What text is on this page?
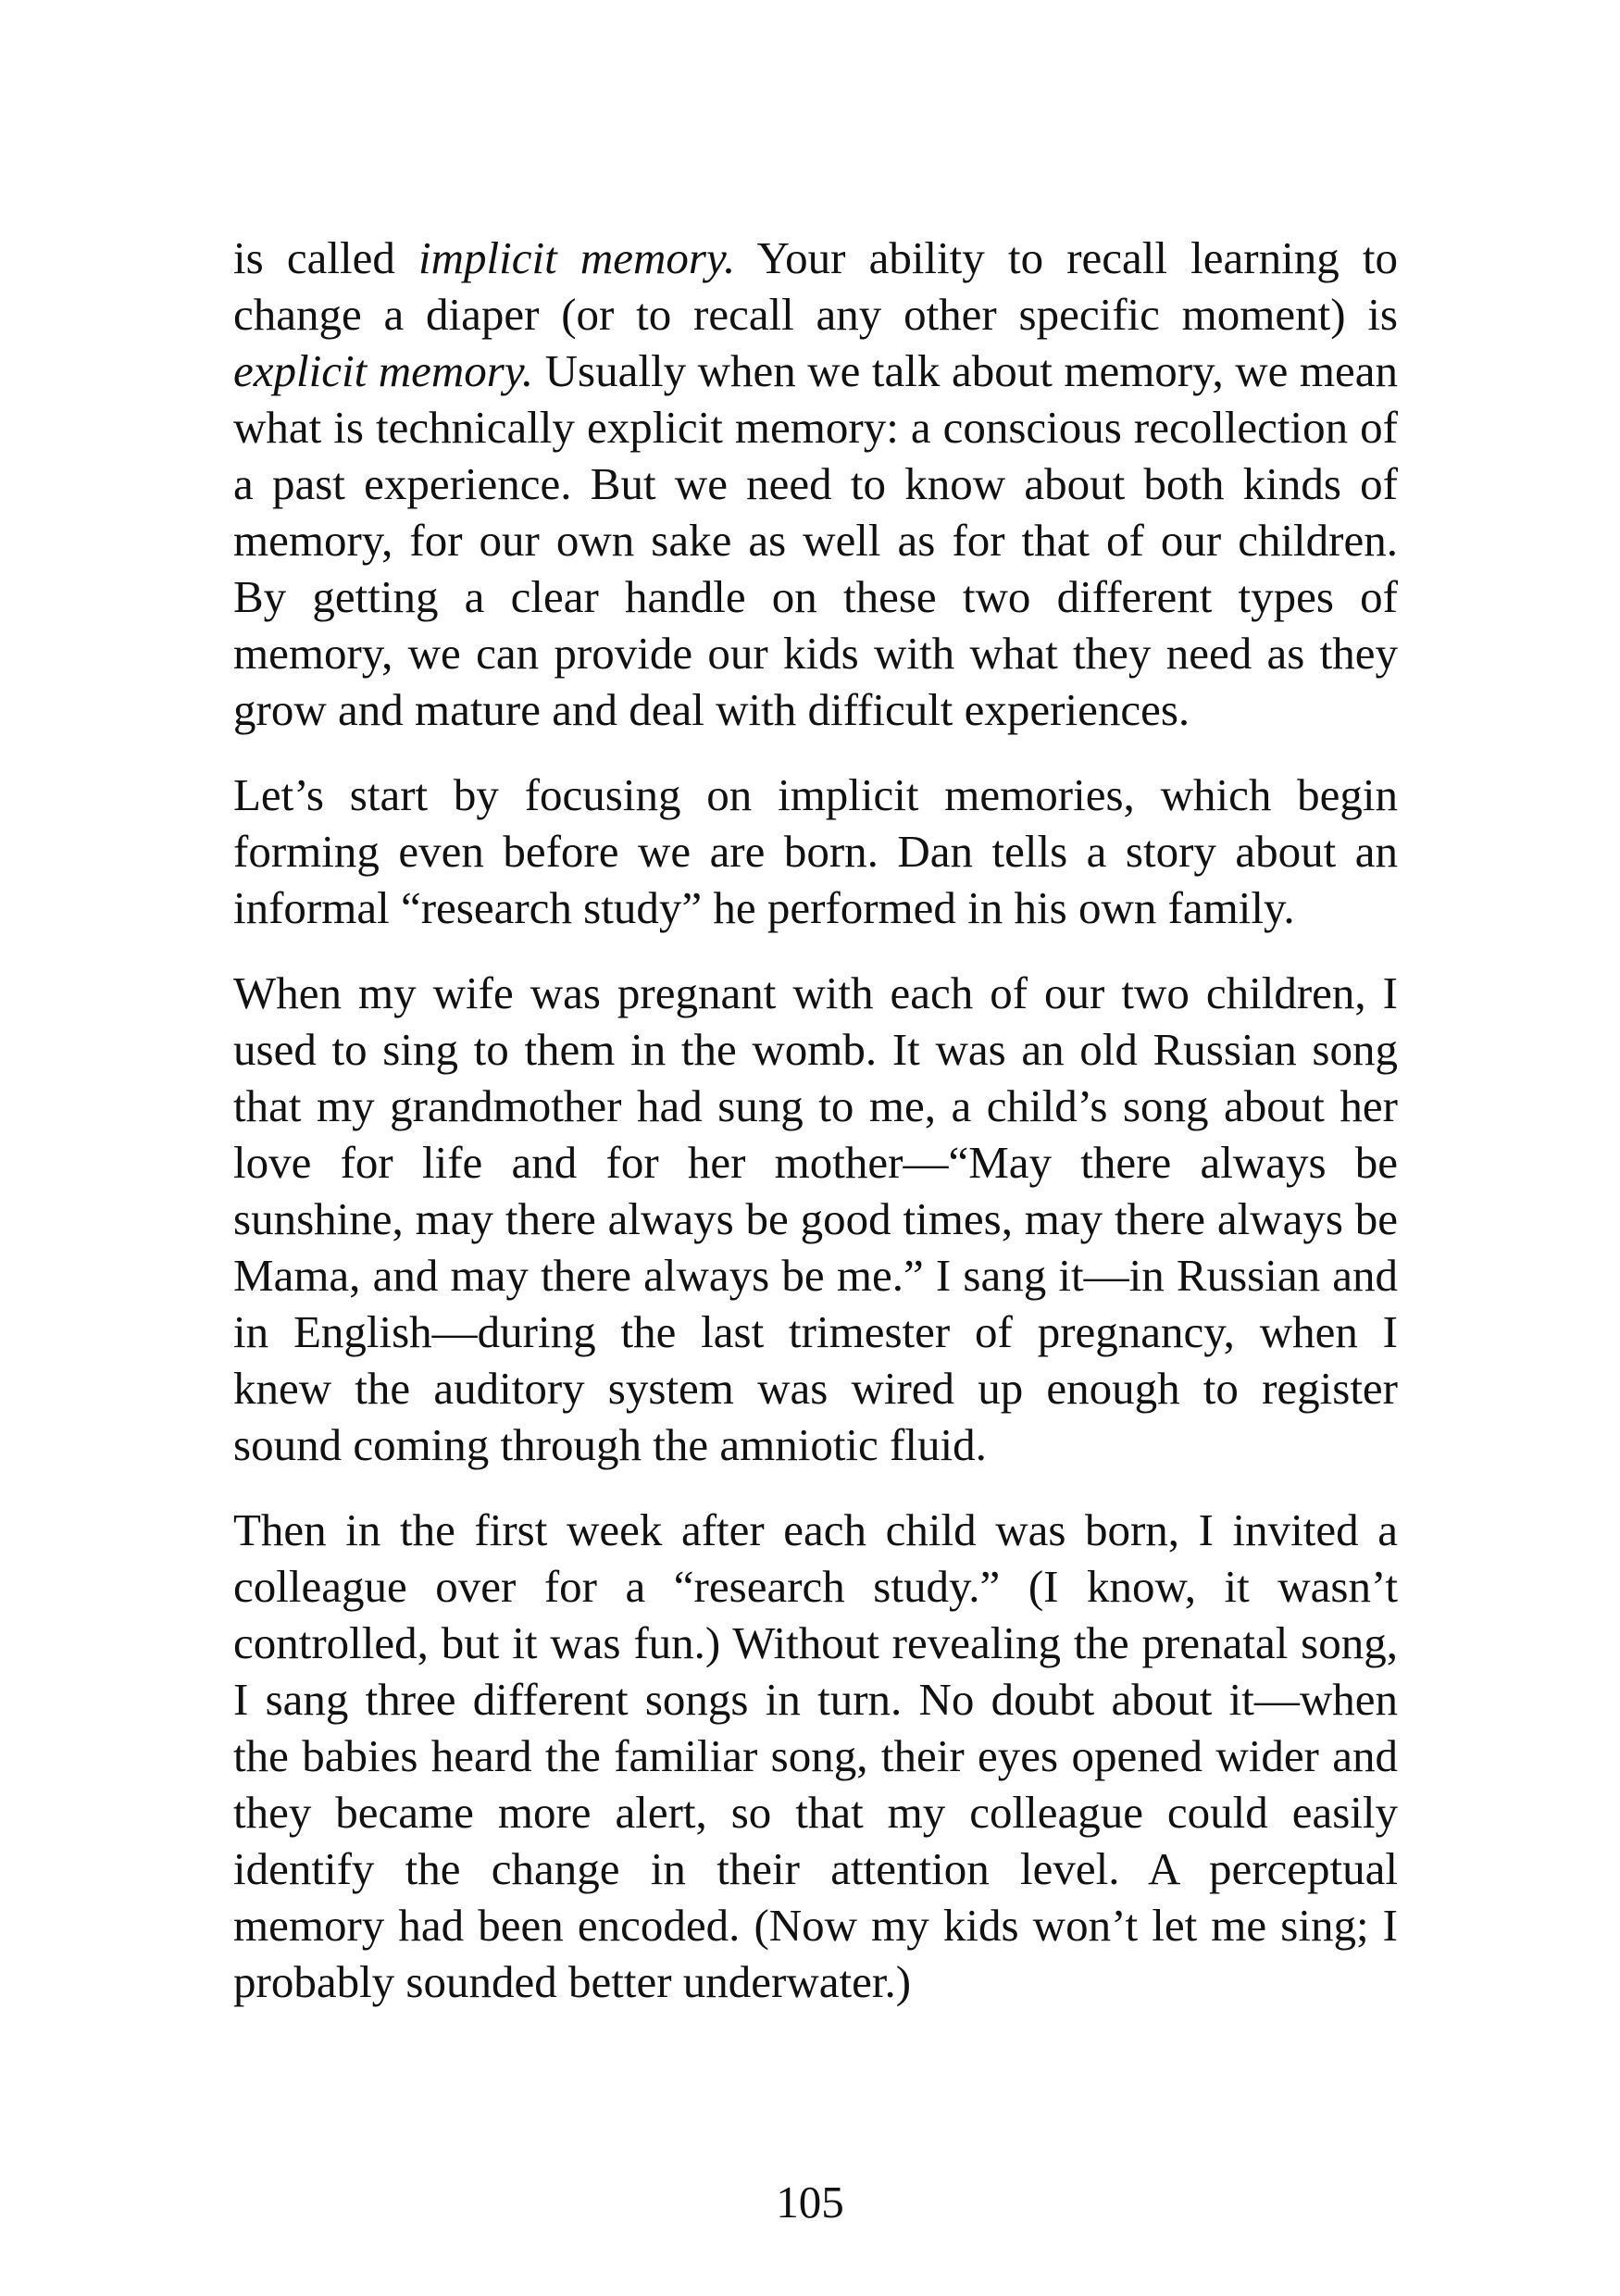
is called implicit memory. Your ability to recall learning to change a diaper (or to recall any other specific moment) is explicit memory. Usually when we talk about memory, we mean what is technically explicit memory: a conscious recollection of a past experience. But we need to know about both kinds of memory, for our own sake as well as for that of our children. By getting a clear handle on these two different types of memory, we can provide our kids with what they need as they grow and mature and deal with difficult experiences.

Let’s start by focusing on implicit memories, which begin forming even before we are born. Dan tells a story about an informal “research study” he performed in his own family.

When my wife was pregnant with each of our two children, I used to sing to them in the womb. It was an old Russian song that my grandmother had sung to me, a child’s song about her love for life and for her mother—“May there always be sunshine, may there always be good times, may there always be Mama, and may there always be me.” I sang it—in Russian and in English—during the last trimester of pregnancy, when I knew the auditory system was wired up enough to register sound coming through the amniotic fluid.

Then in the first week after each child was born, I invited a colleague over for a “research study.” (I know, it wasn’t controlled, but it was fun.) Without revealing the prenatal song, I sang three different songs in turn. No doubt about it—when the babies heard the familiar song, their eyes opened wider and they became more alert, so that my colleague could easily identify the change in their attention level. A perceptual memory had been encoded. (Now my kids won’t let me sing; I probably sounded better underwater.)

105
